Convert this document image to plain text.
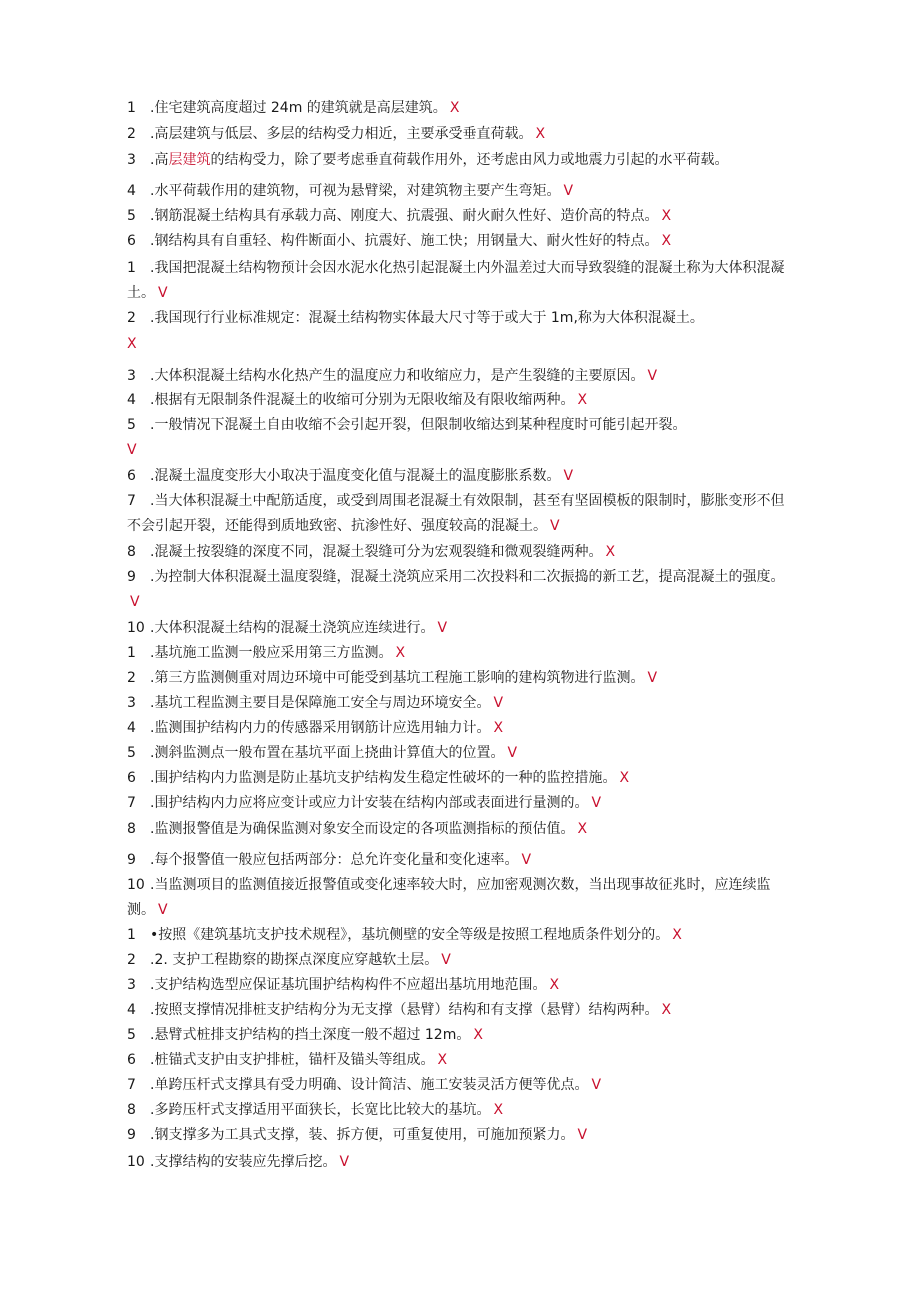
1 .住宅建筑高度超过 24m 的建筑就是高层建筑。 X
2 .高层建筑与低层、多层的结构受力相近，主要承受垂直荷载。 X
3 .高层建筑的结构受力，除了要考虑垂直荷载作用外，还考虑由风力或地震力引起的水平荷载。
4 .水平荷载作用的建筑物，可视为悬臂梁，对建筑物主要产生弯矩。 V
5 .钢筋混凝土结构具有承载力高、刚度大、抗震强、耐火耐久性好、造价高的特点。 X
6 .钢结构具有自重轻、构件断面小、抗震好、施工快；用钢量大、耐火性好的特点。 X
1 .我国把混凝土结构物预计会因水泥水化热引起混凝土内外温差过大而导致裂缝的混凝土称为大体积混凝土。 V
2 .我国现行行业标准规定：混凝土结构物实体最大尺寸等于或大于 1m,称为大体积混凝土。
X
3 .大体积混凝土结构水化热产生的温度应力和收缩应力，是产生裂缝的主要原因。 V
4 .根据有无限制条件混凝土的收缩可分别为无限收缩及有限收缩两种。 X
5 .一般情况下混凝土自由收缩不会引起开裂，但限制收缩达到某种程度时可能引起开裂。
V
6 .混凝土温度变形大小取决于温度变化值与混凝土的温度膨胀系数。 V
7 .当大体积混凝土中配筋适度，或受到周围老混凝土有效限制，甚至有坚固模板的限制时，膨胀变形不但不会引起开裂，还能得到质地致密、抗渗性好、强度较高的混凝土。 V
8 .混凝土按裂缝的深度不同，混凝土裂缝可分为宏观裂缝和微观裂缝两种。 X
9 .为控制大体积混凝土温度裂缝，混凝土浇筑应采用二次投料和二次振捣的新工艺，提高混凝土的强度。V
10 .大体积混凝土结构的混凝土浇筑应连续进行。 V
1 .基坑施工监测一般应采用第三方监测。 X
2 .第三方监测侧重对周边环境中可能受到基坑工程施工影响的建构筑物进行监测。 V
3 .基坑工程监测主要目是保障施工安全与周边环境安全。 V
4 .监测围护结构内力的传感器采用钢筋计应选用轴力计。 X
5 .测斜监测点一般布置在基坑平面上挠曲计算值大的位置。 V
6 .围护结构内力监测是防止基坑支护结构发生稳定性破坏的一种的监控措施。 X
7 .围护结构内力应将应变计或应力计安装在结构内部或表面进行量测的。 V
8 .监测报警值是为确保监测对象安全而设定的各项监测指标的预估值。 X
9 .每个报警值一般应包括两部分：总允许变化量和变化速率。 V
10 .当监测项目的监测值接近报警值或变化速率较大时，应加密观测次数，当出现事故征兆时，应连续监测。 V
1 •按照《建筑基坑支护技术规程》，基坑侧壁的安全等级是按照工程地质条件划分的。 X
2 .2. 支护工程勘察的勘探点深度应穿越软土层。 V
3 .支护结构选型应保证基坑围护结构构件不应超出基坑用地范围。 X
4 .按照支撑情况排桩支护结构分为无支撑（悬臂）结构和有支撑（悬臂）结构两种。 X
5 .悬臂式桩排支护结构的挡土深度一般不超过 12m。 X
6 .桩锚式支护由支护排桩，锚杆及锚头等组成。 X
7 .单跨压杆式支撑具有受力明确、设计简洁、施工安装灵活方便等优点。 V
8 .多跨压杆式支撑适用平面狭长，长宽比比较大的基坑。 X
9 .钢支撑多为工具式支撑，装、拆方便，可重复使用，可施加预紧力。 V
10 .支撑结构的安装应先撑后挖。 V
